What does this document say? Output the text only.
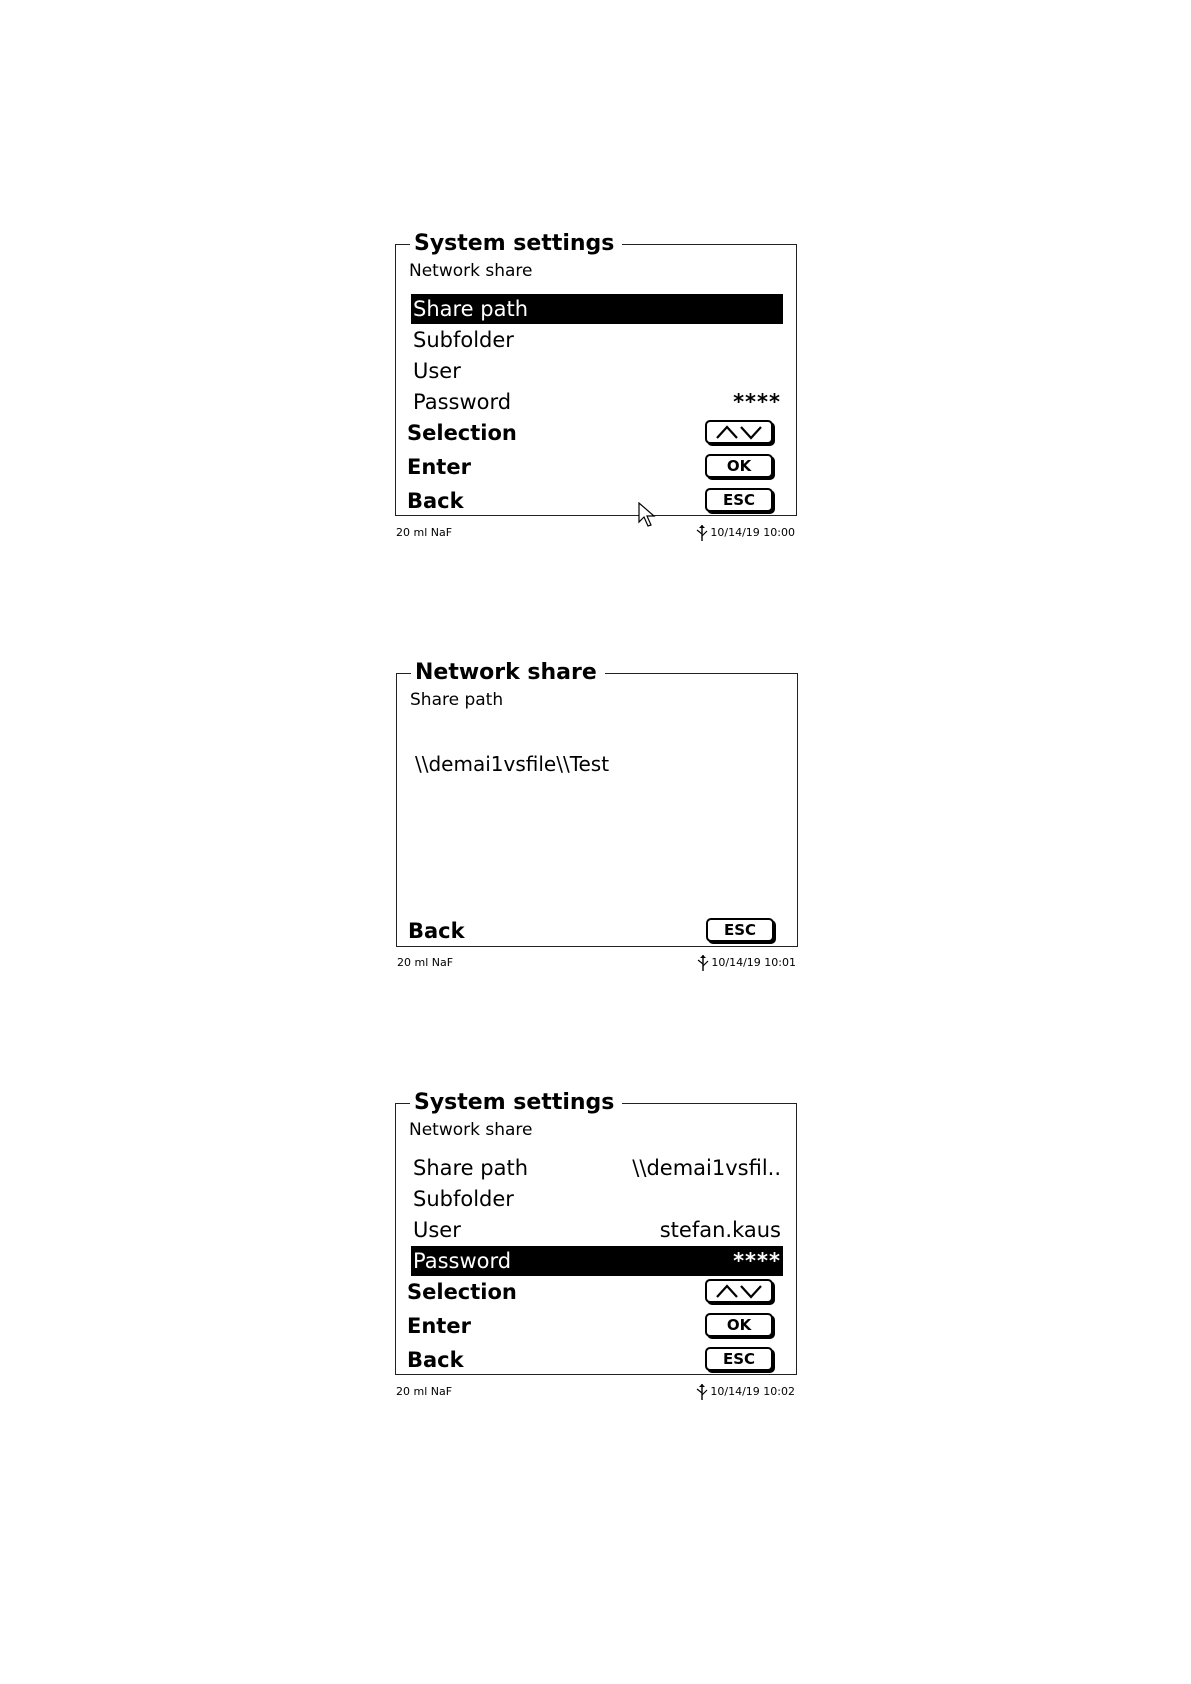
System settings
Network share
Share path
Subfolder
User
Password	****
Selection
Enter	OK
Back	ESC
20 ml NaF	10/14/19 10:00
Network share
Share path
\\demai1vsfile\\Test
Back	ESC
20 ml NaF	10/14/19 10:01
System settings
Network share
Share path	\\demai1vsfil..
Subfolder
User	stefan.kaus
Password	****
Selection
Enter	OK
Back	ESC
20 ml NaF	10/14/19 10:02
